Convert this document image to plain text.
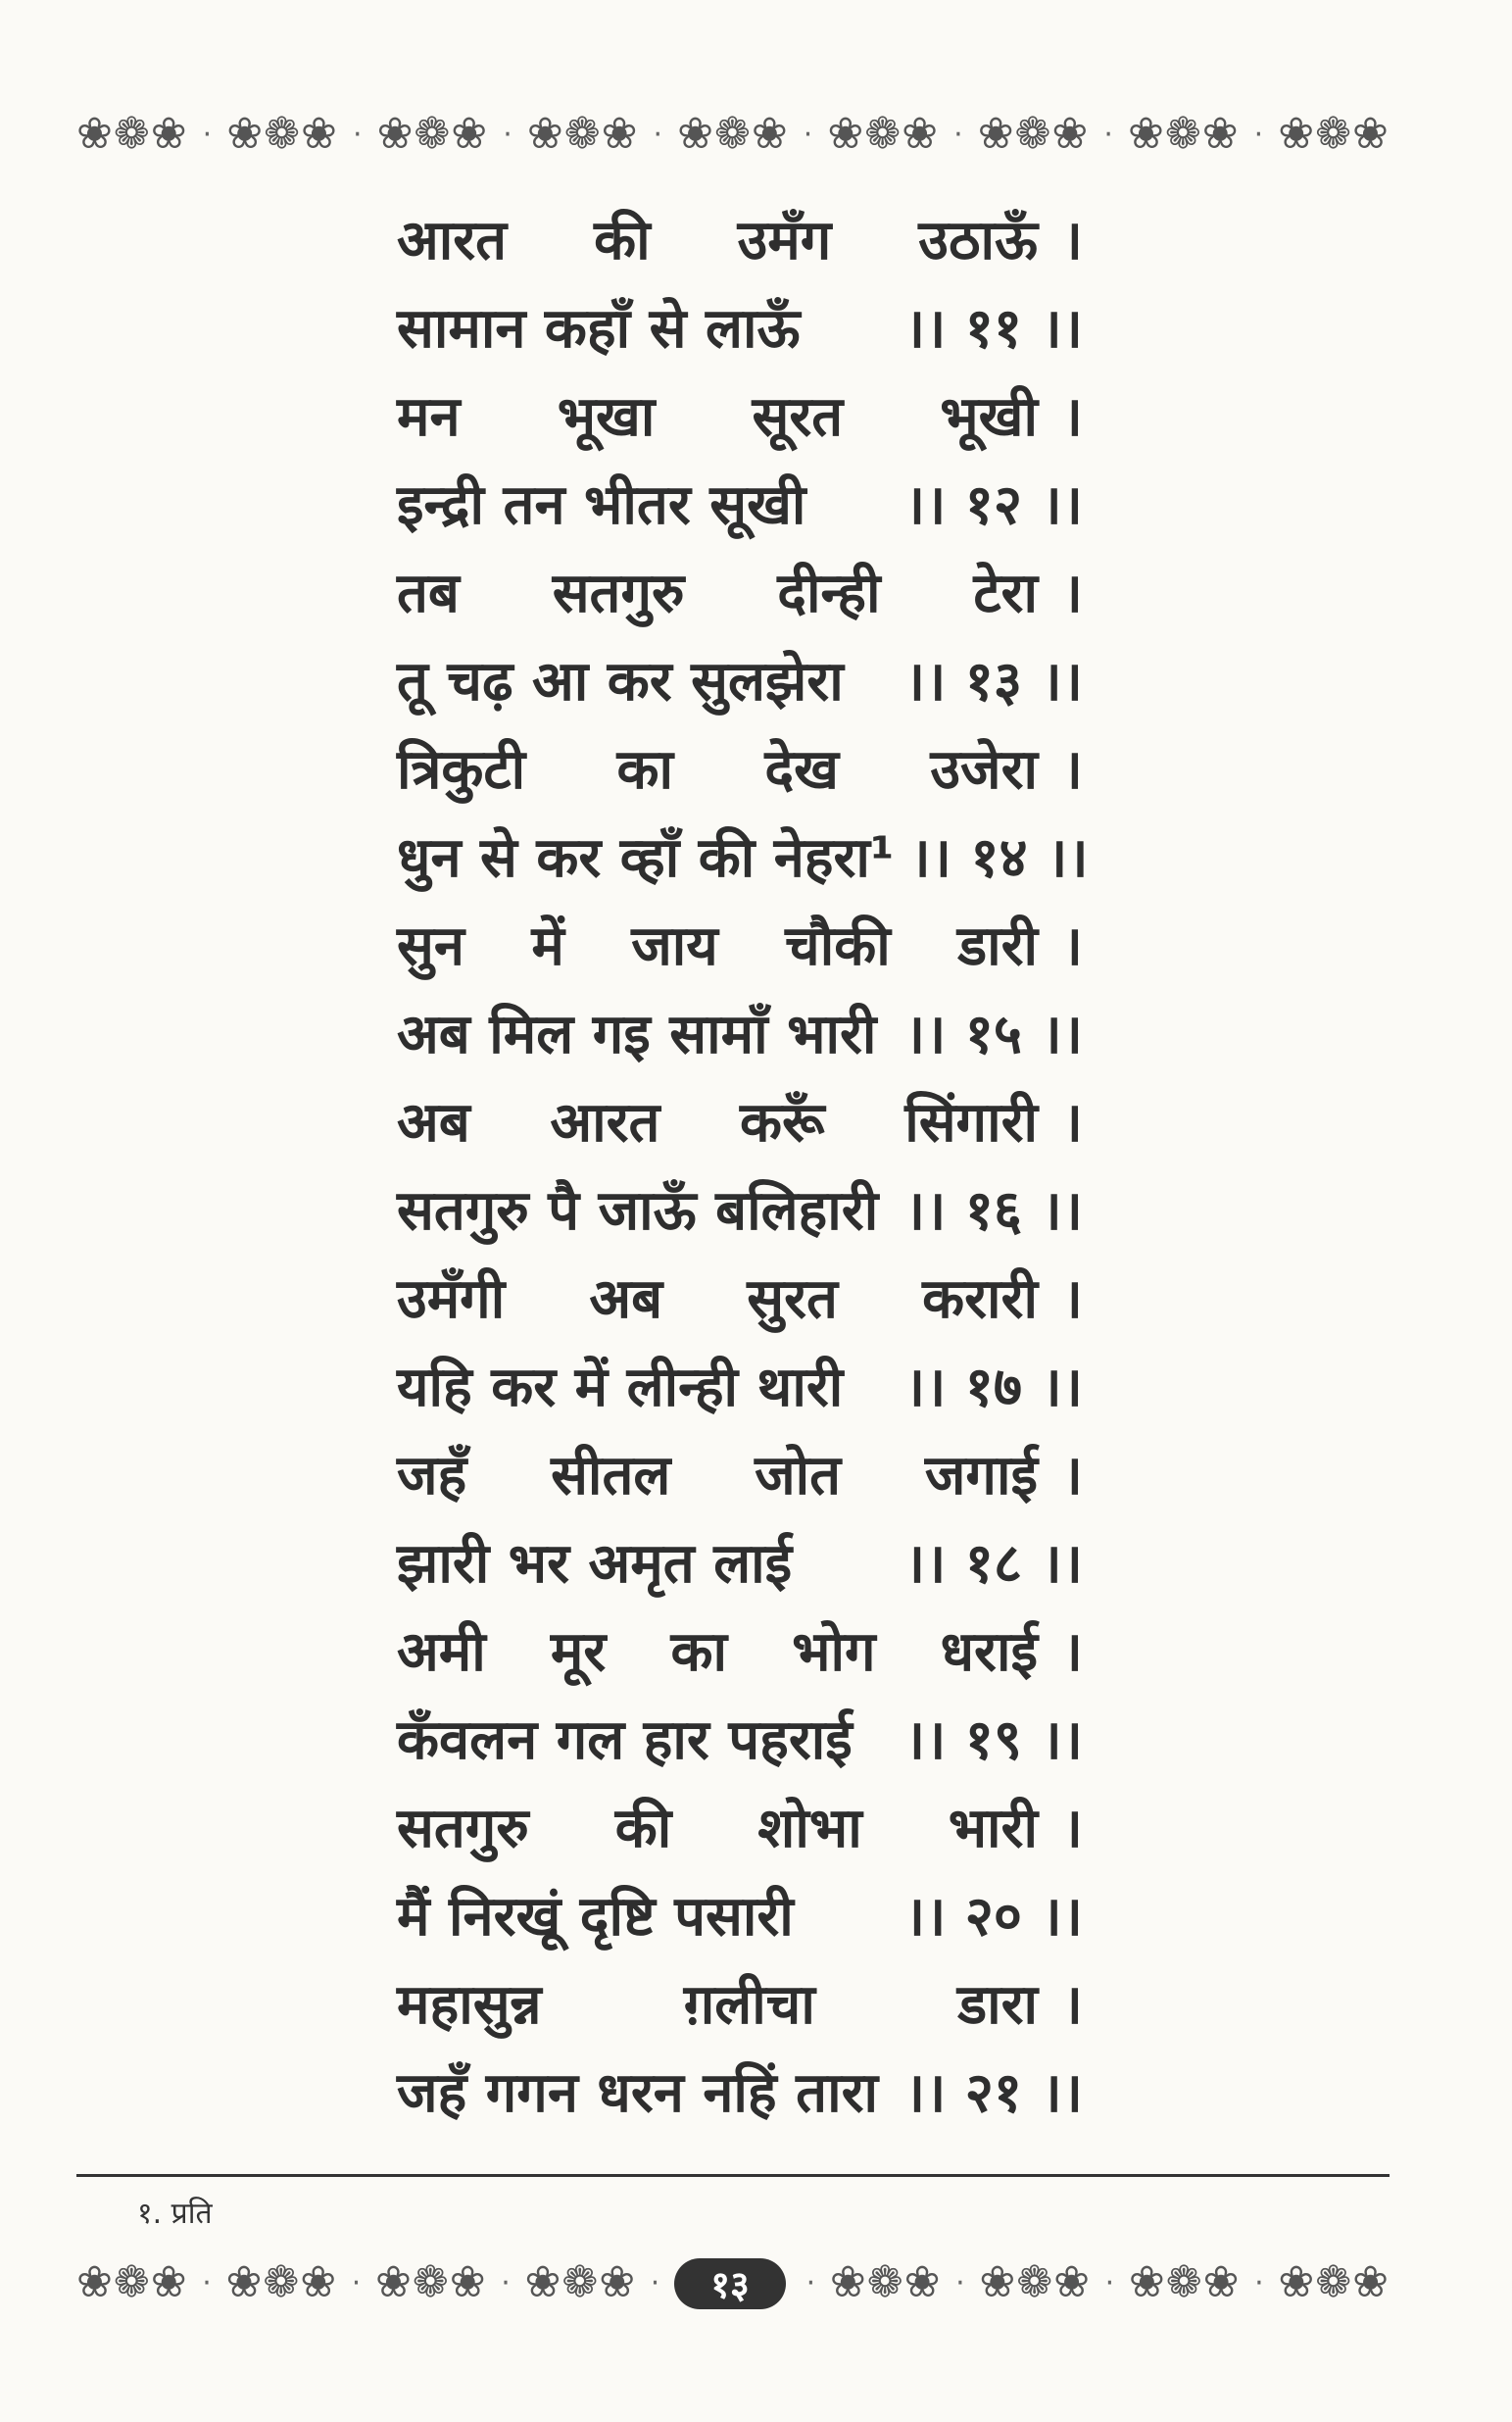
❀❁❀ · ❀❁❀ · ❀❁❀ · ❀❁❀ · ❀❁❀ · ❀❁❀ · ❀❁❀ · ❀❁❀ · ❀❁❀
आरत की उमँग उठाऊँ ।
सामान कहाँ से लाऊँ ।। ११ ।।
मन भूखा सूरत भूखी ।
इन्द्री तन भीतर सूखी ।। १२ ।।
तब सतगुरु दीन्ही टेरा ।
तू चढ़ आ कर सुलझेरा ।। १३ ।।
त्रिकुटी का देख उजेरा ।
धुन से कर व्हाँ की नेहरा¹ ।। १४ ।।
सुन में जाय चौकी डारी ।
अब मिल गइ सामाँ भारी ।। १५ ।।
अब आरत करूँ सिंगारी ।
सतगुरु पै जाऊँ बलिहारी ।। १६ ।।
उमँगी अब सुरत करारी ।
यहि कर में लीन्ही थारी ।। १७ ।।
जहँ सीतल जोत जगाई ।
झारी भर अमृत लाई ।। १८ ।।
अमी मूर का भोग धराई ।
कँवलन गल हार पहराई ।। १९ ।।
सतगुरु की शोभा भारी ।
मैं निरखूं दृष्टि पसारी ।। २० ।।
महासुन्न	ग़लीचा	डारा ।
जहँ गगन धरन नहिं तारा ।। २१ ।।
१. प्रति
❀❁❀ · ❀❁❀ · ❀❁❀ · ❀❁❀ ·	· ❀❁❀ · ❀❁❀ · ❀❁❀ · ❀❁❀
१३
